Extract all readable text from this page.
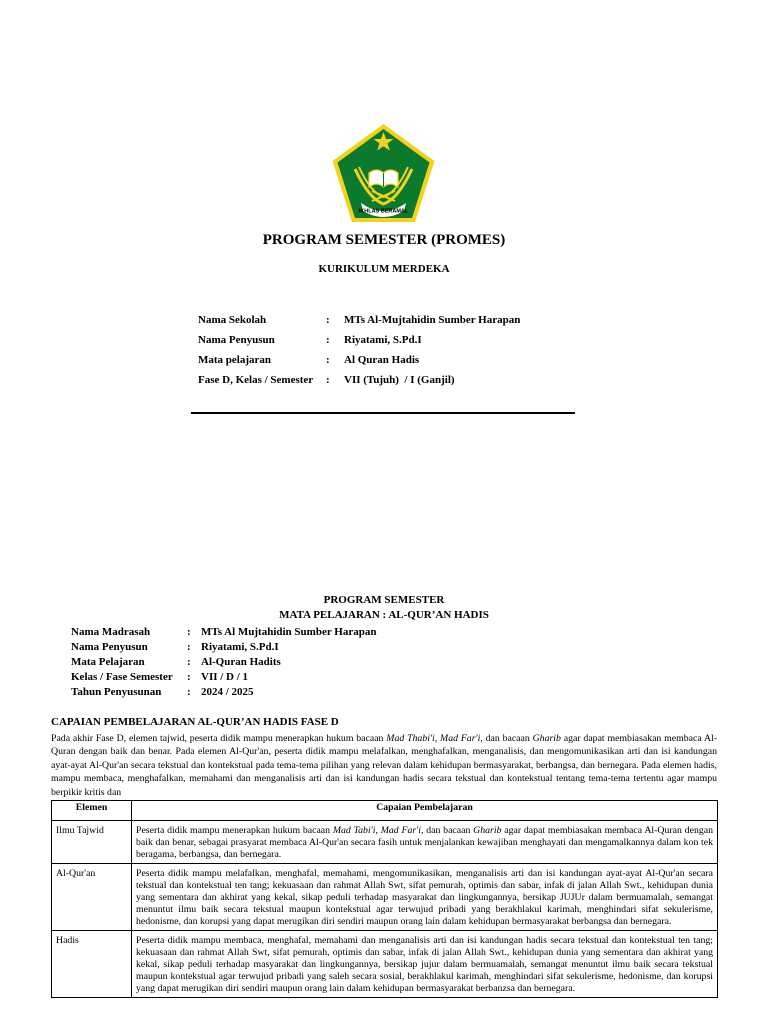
IKHLAS BERAMAL
PROGRAM SEMESTER (PROMES)
KURIKULUM MERDEKA
Nama Sekolah	:	MTs Al-Mujtahidin Sumber Harapan
Nama Penyusun	:	Riyatami, S.Pd.I
Mata pelajaran	:	Al Quran Hadis
Fase D, Kelas / Semester	:	VII (Tujuh)  / I (Ganjil)
PROGRAM SEMESTER
MATA PELAJARAN : AL-QUR’AN HADIS
Nama Madrasah	: MTs Al Mujtahidin Sumber Harapan
Nama Penyusun	: Riyatami, S.Pd.I
Mata Pelajaran	: Al-Quran Hadits
Kelas / Fase Semester	: VII / D / 1
Tahun Penyusunan	: 2024 / 2025
CAPAIAN PEMBELAJARAN AL-QUR’AN HADIS FASE D

Pada akhir Fase D, elemen tajwid, peserta didik mampu menerapkan hukum bacaan Mad Thabi'i, Mad Far'i, dan bacaan Gharib agar dapat membiasakan membaca Al-Quran dengan baik dan benar. Pada elemen Al-Qur'an, peserta didik mampu melafalkan, menghafalkan, menganalisis, dan mengomunikasikan arti dan isi kandungan ayat-ayat Al-Qur'an secara tekstual dan kontekstual pada tema-tema pilihan yang relevan dalam kehidupan bermasyarakat, berbangsa, dan bernegara. Pada elemen hadis, mampu membaca, menghafalkan, memahami dan menganalisis arti dan isi kandungan hadis secara tekstual dan kontekstual tentang tema-tema tertentu agar mampu berpikir kritis dan

Elemen	Capaian Pembelajaran
Ilmu Tajwid	Peserta didik mampu menerapkan hukum bacaan Mad Tabi'i, Mad Far'i, dan bacaan Gharib agar dapat membiasakan membaca Al-Quran dengan baik dan benar, sebagai prasyarat membaca Al-Qur'an secara fasih untuk menjalankan kewajiban menghayati dan mengamalkannya dalam kon tek beragama, berbangsa, dan bernegara.
Al-Qur'an	Peserta didik mampu melafalkan, menghafal, memahami, mengomunikasikan, menganalisis arti dan isi kandungan ayat-ayat Al-Qur'an secara tekstual dan kontekstual ten tang; kekuasaan dan rahmat Allah Swt, sifat pemurah, optimis dan sabar, infak di jalan Allah Swt., kehidupan dunia yang sementara dan akhirat yang kekal, sikap peduli terhadap masyarakat dan lingkungannya, bersikap JUJUr dalam bermuamalah, semangat menuntut ilmu baik secara tekstual maupun kontekstual agar terwujud pribadi yang berakhlakul karimah, menghindari sifat sekulerisme, hedonisme, dan korupsi yang dapat merugikan diri sendiri maupun orang lain dalam kehidupan bermasyarakat berbangsa dan bernegara.
Hadis	Peserta didik mampu membaca, menghafal, memahami dan menganalisis arti dan isi kandungan hadis secara tekstual dan kontekstual ten tang; kekuasaan dan rahmat Allah Swt, sifat pemurah, optimis dan sabar, infak di jalan Allah Swt., kehidupan dunia yang sementara dan akhirat yang kekal, sikap peduli terhadap masyarakat dan lingkungannya, bersikap jujur dalam bermuamalah, semangat menuntut ilmu baik secara tekstual maupun kontekstual agar terwujud pribadi yang saleh secara sosial, berakhlakul karimah, menghindari sifat sekulerisme, hedonisme, dan korupsi yang dapat merugikan diri sendiri maupun orang lain dalam kehidupan bermasyarakat berbanzsa dan bernegara.
